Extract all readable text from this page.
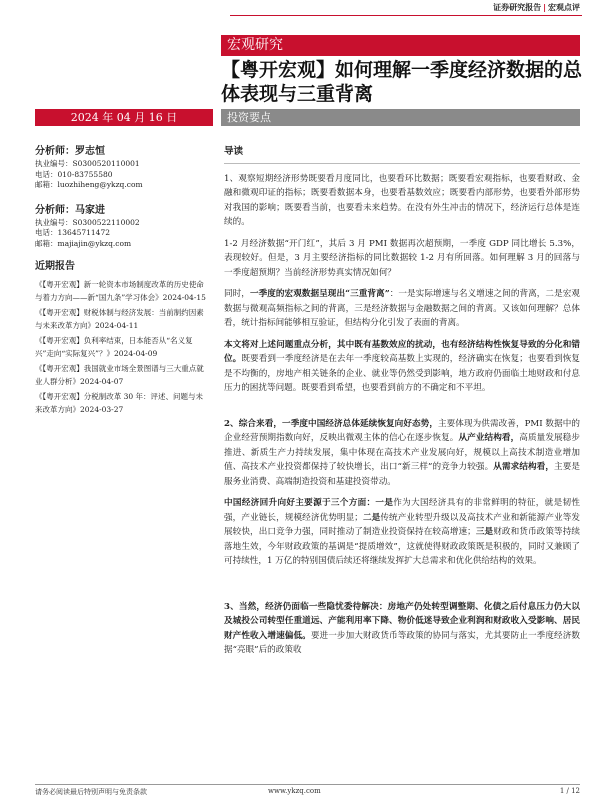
证券研究报告 | 宏观点评
宏观研究
【粤开宏观】如何理解一季度经济数据的总体表现与三重背离
2024 年 04 月 16 日	投资要点
分析师：罗志恒
执业编号：S0300520110001
电话：010-83755580
邮箱：luozhiheng@ykzq.com
分析师：马家进
执业编号：S0300522110002
电话：13645711472
邮箱：majiajin@ykzq.com
近期报告
《【粤开宏观】新一轮资本市场制度改革的历史使命与着力方向——新“国九条”学习体会》2024-04-15
《【粤开宏观】财税体制与经济发展：当前制约因素与未来改革方向》2024-04-11
《【粤开宏观】负利率结束，日本能否从“名义复兴”走向“实际复兴”？》2024-04-09
《【粤开宏观】我国就业市场全景图谱与三大重点就业人群分析》2024-04-07
《【粤开宏观】分税制改革 30 年：评述、问题与未来改革方向》2024-03-27
导读

1、观察短期经济形势既要看月度同比，也要看环比数据；既要看宏观指标，也要看财政、金融和微观印证的指标；既要看数据本身，也要看基数效应；既要看内部形势，也要看外部形势对我国的影响；既要看当前，也要看未来趋势。在没有外生冲击的情况下，经济运行总体是连续的。

1-2 月经济数据“开门红”，其后 3 月 PMI 数据再次超预期，一季度 GDP 同比增长 5.3%，表现较好。但是，3 月主要经济指标的同比数据较 1-2 月有所回落。如何理解 3 月的回落与一季度超预期？当前经济形势真实情况如何？

同时，一季度的宏观数据呈现出“三重背离”：一是实际增速与名义增速之间的背离，二是宏观数据与微观高频指标之间的背离，三是经济数据与金融数据之间的背离。又该如何理解？总体看，统计指标间能够相互验证，但结构分化引发了表面的背离。

本文将对上述问题重点分析，其中既有基数效应的扰动，也有经济结构性恢复导致的分化和错位。既要看到一季度经济是在去年一季度较高基数上实现的，经济确实在恢复；也要看到恢复是不均衡的，房地产相关链条的企业、就业等仍然受到影响，地方政府仍面临土地财政和付息压力的困扰等问题。既要看到希望，也要看到前方的不确定和不平坦。

2、综合来看，一季度中国经济总体延续恢复向好态势，主要体现为供需改善，PMI 数据中的企业经营预期指数向好，反映出微观主体的信心在逐步恢复。从产业结构看，高质量发展稳步推进、新质生产力持续发展，集中体现在高技术产业发展向好，规模以上高技术制造业增加值、高技术产业投资都保持了较快增长，出口“新三样”的竞争力较强。从需求结构看，主要是服务业消费、高端制造投资和基建投资带动。

中国经济回升向好主要源于三个方面：一是作为大国经济具有的非常鲜明的特征，就是韧性强，产业链长，规模经济优势明显；二是传统产业转型升级以及高技术产业和新能源产业等发展较快，出口竞争力强，同时推动了制造业投资保持在较高增速；三是财政和货币政策等持续落地生效，今年财政政策的基调是“提质增效”，这就使得财政政策既是积极的，同时又兼顾了可持续性，1 万亿的特别国债后续还将继续发挥扩大总需求和优化供给结构的效果。

3、当然，经济仍面临一些隐忧委待解决：房地产仍处转型调整期、化债之后付息压力仍大以及城投公司转型任重道远、产能利用率下降、物价低迷导致企业利润和财政收入受影响、居民财产性收入增速偏低。要进一步加大财政货币等政策的协同与落实，尤其要防止一季度经济数据“亮眼”后的政策收

请务必阅读最后特别声明与免责条款	www.ykzq.com	1 / 12
